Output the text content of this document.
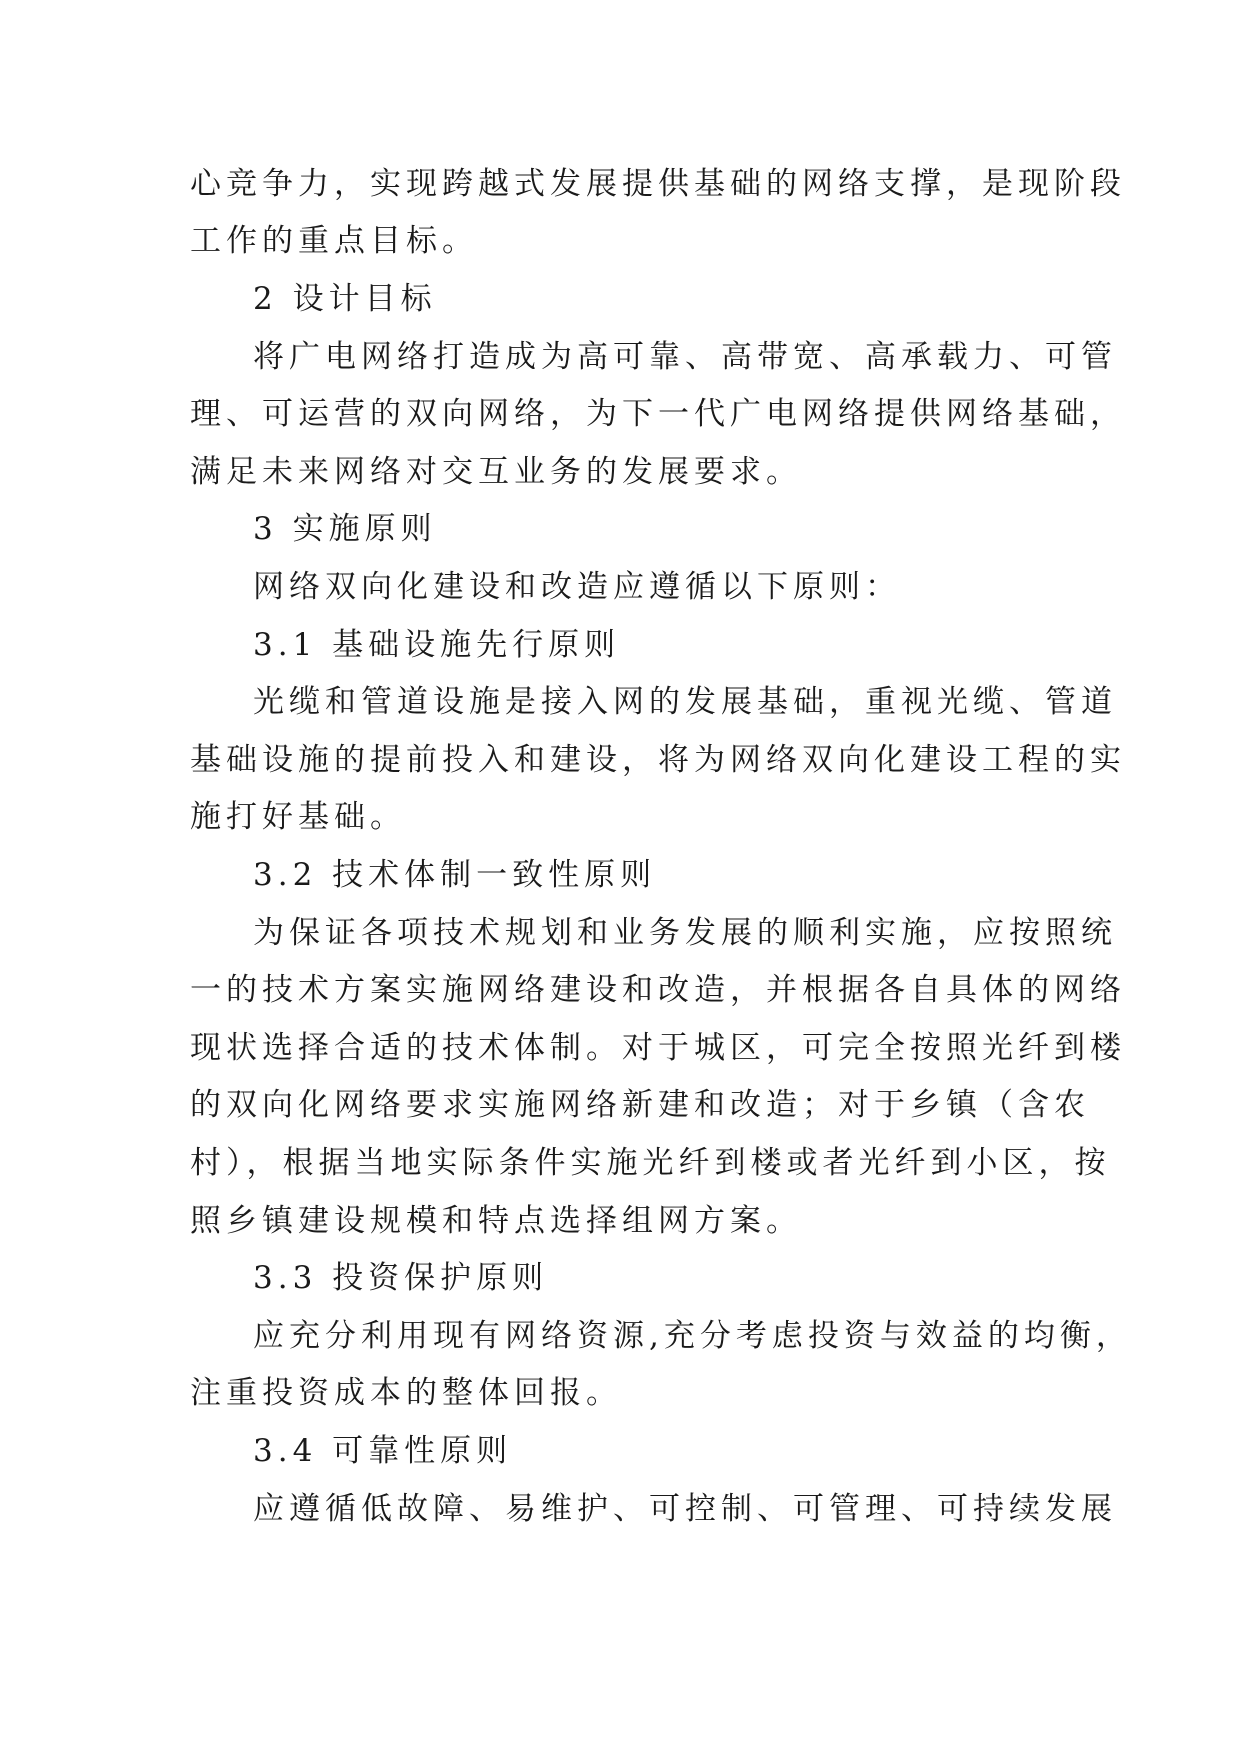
心竞争力，实现跨越式发展提供基础的网络支撑，是现阶段
工作的重点目标。
2 设计目标
将广电网络打造成为高可靠、高带宽、高承载力、可管
理、可运营的双向网络，为下一代广电网络提供网络基础，
满足未来网络对交互业务的发展要求。
3 实施原则
网络双向化建设和改造应遵循以下原则：
3.1 基础设施先行原则
光缆和管道设施是接入网的发展基础，重视光缆、管道
基础设施的提前投入和建设，将为网络双向化建设工程的实
施打好基础。
3.2 技术体制一致性原则
为保证各项技术规划和业务发展的顺利实施，应按照统
一的技术方案实施网络建设和改造，并根据各自具体的网络
现状选择合适的技术体制。对于城区，可完全按照光纤到楼
的双向化网络要求实施网络新建和改造；对于乡镇（含农
村），根据当地实际条件实施光纤到楼或者光纤到小区，按
照乡镇建设规模和特点选择组网方案。
3.3 投资保护原则
应充分利用现有网络资源,充分考虑投资与效益的均衡，
注重投资成本的整体回报。
3.4 可靠性原则
应遵循低故障、易维护、可控制、可管理、可持续发展
